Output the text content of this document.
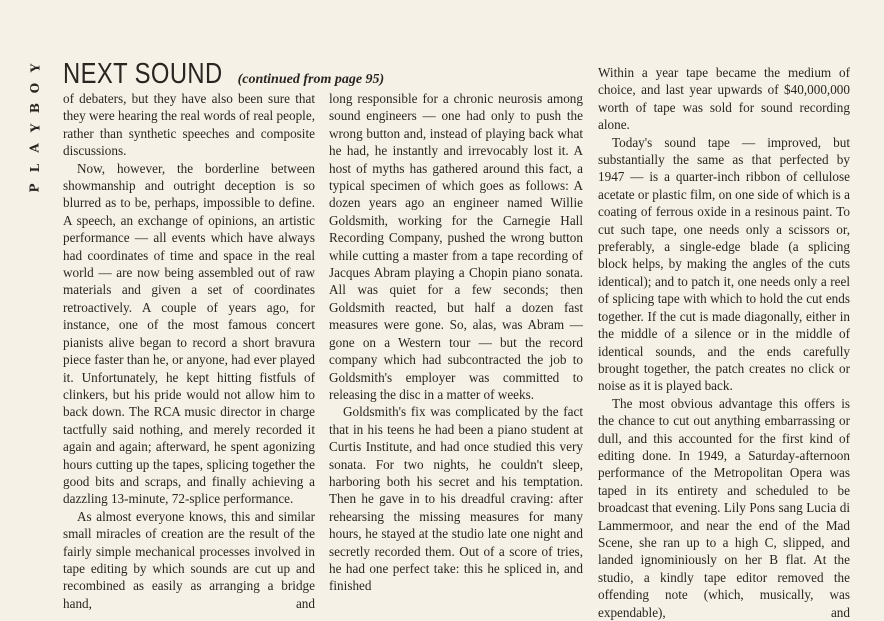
Y
O
B
Y
A
L
P
NEXT SOUND (continued from page 95)

of debaters, but they have also been sure that they were hearing the real words of real people, rather than synthetic speeches and composite discussions.

Now, however, the borderline between showmanship and outright deception is so blurred as to be, perhaps, impossible to define. A speech, an exchange of opinions, an artistic performance — all events which have always had coordinates of time and space in the real world — are now being assembled out of raw materials and given a set of coordinates retroactively. A couple of years ago, for instance, one of the most famous concert pianists alive began to record a short bravura piece faster than he, or anyone, had ever played it. Unfortunately, he kept hitting fistfuls of clinkers, but his pride would not allow him to back down. The RCA music director in charge tactfully said nothing, and merely recorded it again and again; afterward, he spent agonizing hours cutting up the tapes, splicing together the good bits and scraps, and finally achieving a dazzling 13-minute, 72-splice performance.

As almost everyone knows, this and similar small miracles of creation are the result of the fairly simple mechanical processes involved in tape editing by which sounds are cut up and recombined as easily as arranging a bridge hand, and

long responsible for a chronic neurosis among sound engineers — one had only to push the wrong button and, instead of playing back what he had, he instantly and irrevocably lost it. A host of myths has gathered around this fact, a typical specimen of which goes as follows: A dozen years ago an engineer named Willie Goldsmith, working for the Carnegie Hall Recording Company, pushed the wrong button while cutting a master from a tape recording of Jacques Abram playing a Chopin piano sonata. All was quiet for a few seconds; then Goldsmith reacted, but half a dozen fast measures were gone. So, alas, was Abram — gone on a Western tour — but the record company which had subcontracted the job to Goldsmith's employer was committed to releasing the disc in a matter of weeks.

Goldsmith's fix was complicated by the fact that in his teens he had been a piano student at Curtis Institute, and had once studied this very sonata. For two nights, he couldn't sleep, harboring both his secret and his temptation. Then he gave in to his dreadful craving: after rehearsing the missing measures for many hours, he stayed at the studio late one night and secretly recorded them. Out of a score of tries, he had one perfect take: this he spliced in, and finished

Within a year tape became the medium of choice, and last year upwards of $40,000,000 worth of tape was sold for sound recording alone.

Today's sound tape — improved, but substantially the same as that perfected by 1947 — is a quarter-inch ribbon of cellulose acetate or plastic film, on one side of which is a coating of ferrous oxide in a resinous paint. To cut such tape, one needs only a scissors or, preferably, a single-edge blade (a splicing block helps, by making the angles of the cuts identical); and to patch it, one needs only a reel of splicing tape with which to hold the cut ends together. If the cut is made diagonally, either in the middle of a silence or in the middle of identical sounds, and the ends carefully brought together, the patch creates no click or noise as it is played back.

The most obvious advantage this offers is the chance to cut out anything embarrassing or dull, and this accounted for the first kind of editing done. In 1949, a Saturday-afternoon performance of the Metropolitan Opera was taped in its entirety and scheduled to be broadcast that evening. Lily Pons sang Lucia di Lammermoor, and near the end of the Mad Scene, she ran up to a high C, slipped, and landed ignominiously on her B flat. At the studio, a kindly tape editor removed the offending note (which, musically, was expendable), and
